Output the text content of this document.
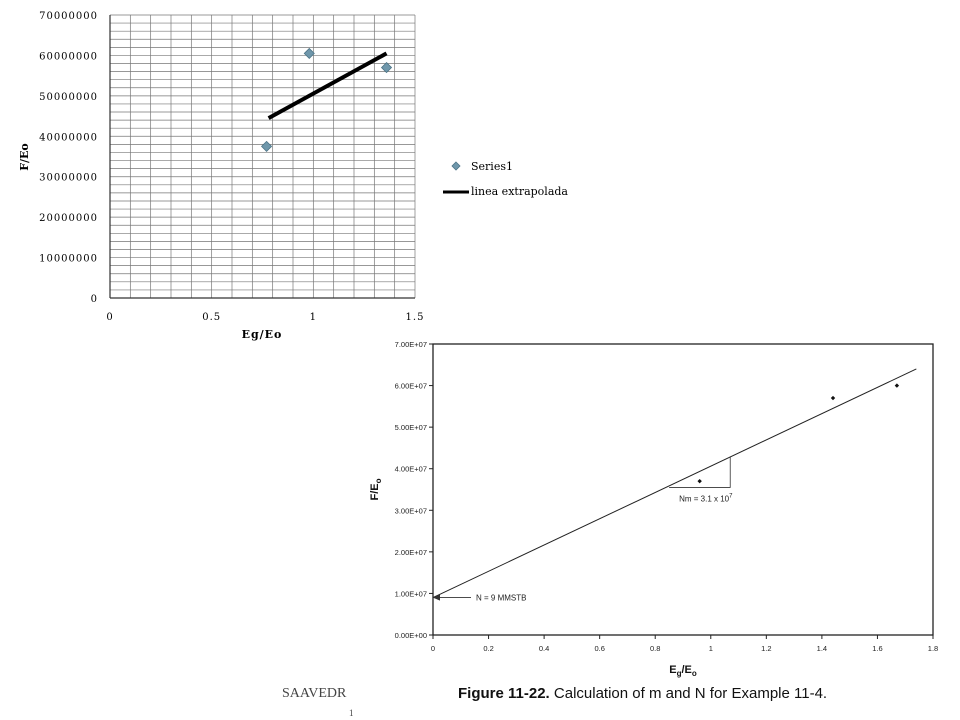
0
10000000
20000000
30000000
40000000
50000000
60000000
70000000
0	0.5	1	1.5
Series1
linea extrapolada
Eg/Eo
F/Eo
0.00E+00
1.00E+07
2.00E+07
3.00E+07
4.00E+07
5.00E+07
6.00E+07
7.00E+07
0	0.2	0.4	0.6	0.8	1	1.2	1.4	1.6	1.8
N = 9 MMSTB
Nm = 3.1 x $10^7$
$E_g/E_o$
$F/E_o$
SAAVEDR
1
Figure 11-22. Calculation of m and N for Example 11-4.
